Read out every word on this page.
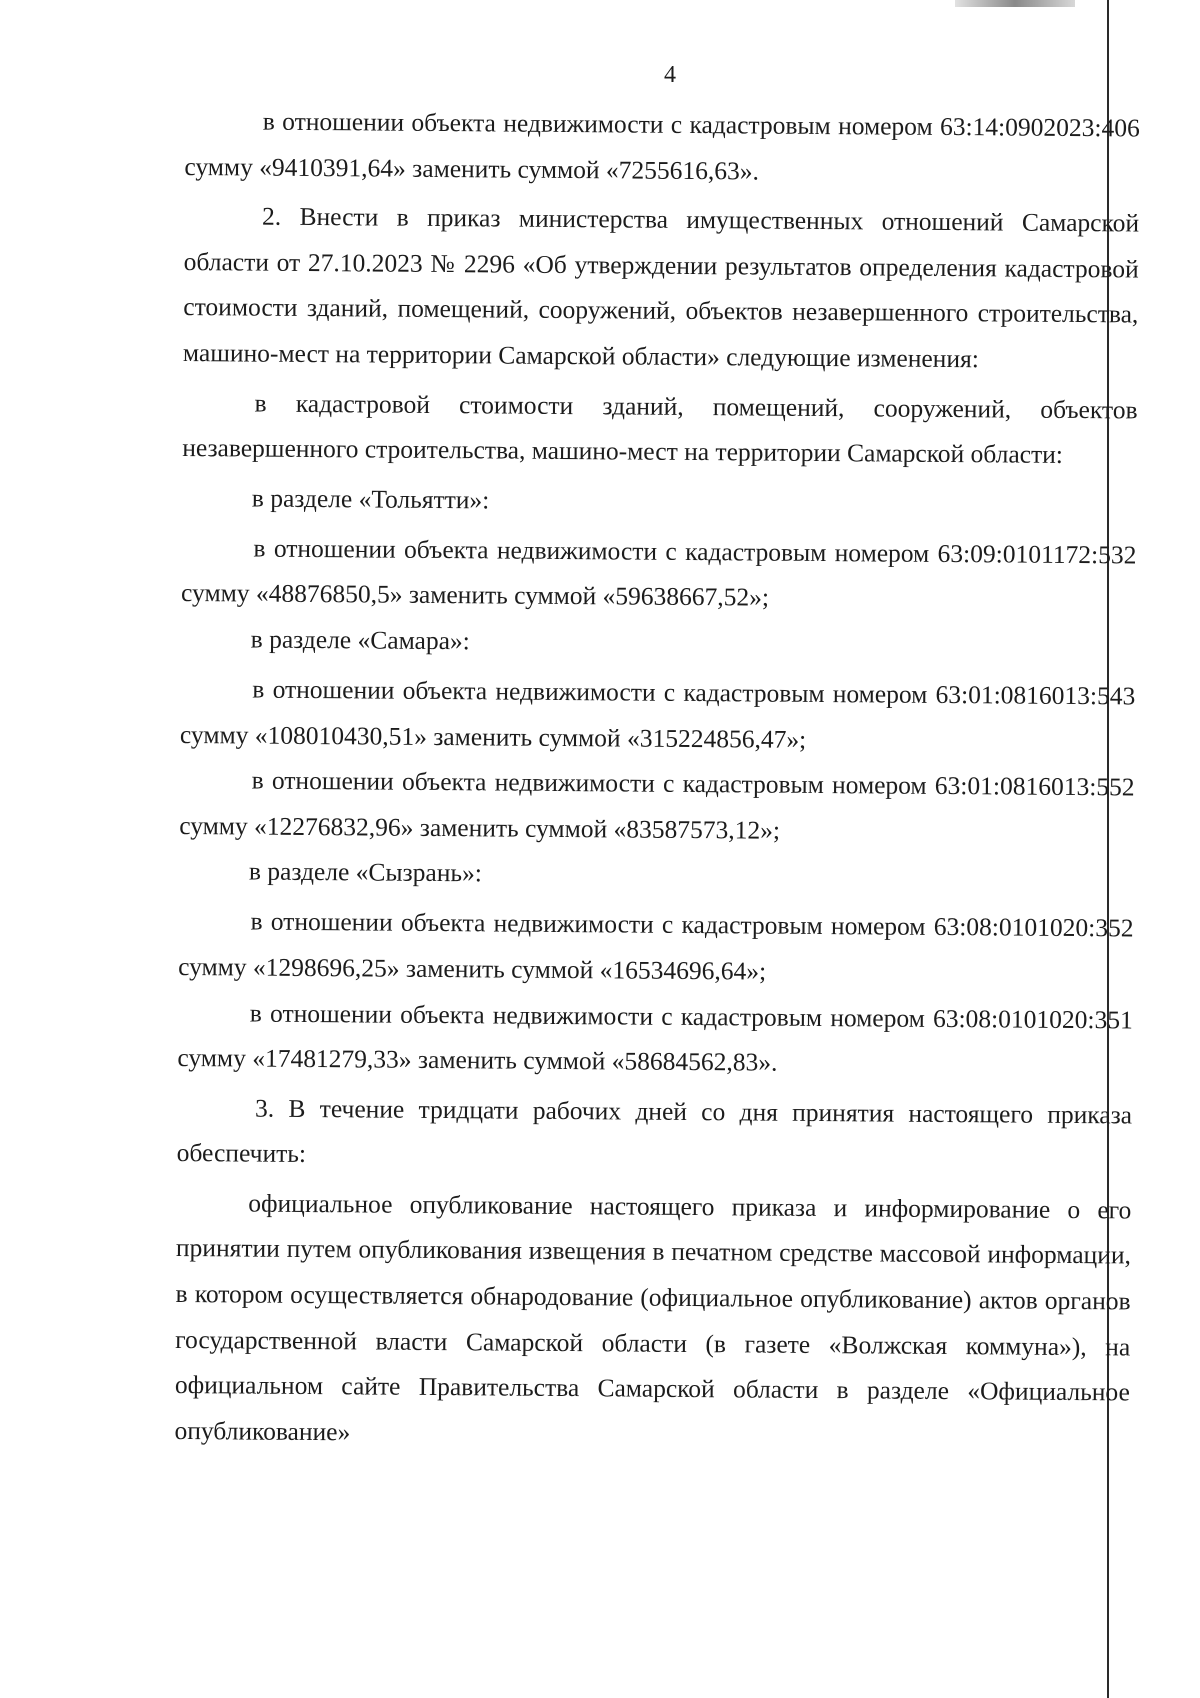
4

в отношении объекта недвижимости с кадастровым номером 63:14:0902023:406 сумму «9410391,64» заменить суммой «7255616,63».

2. Внести в приказ министерства имущественных отношений Самарской области от 27.10.2023 № 2296 «Об утверждении результатов определения кадастровой стоимости зданий, помещений, сооружений, объектов незавершенного строительства, машино-мест на территории Самарской области» следующие изменения:

в кадастровой стоимости зданий, помещений, сооружений, объектов незавершенного строительства, машино-мест на территории Самарской области:

в разделе «Тольятти»:

в отношении объекта недвижимости с кадастровым номером 63:09:0101172:532 сумму «48876850,5» заменить суммой «59638667,52»;

в разделе «Самара»:

в отношении объекта недвижимости с кадастровым номером 63:01:0816013:543 сумму «108010430,51» заменить суммой «315224856,47»;

в отношении объекта недвижимости с кадастровым номером 63:01:0816013:552 сумму «12276832,96» заменить суммой «83587573,12»;

в разделе «Сызрань»:

в отношении объекта недвижимости с кадастровым номером 63:08:0101020:352 сумму «1298696,25» заменить суммой «16534696,64»;

в отношении объекта недвижимости с кадастровым номером 63:08:0101020:351 сумму «17481279,33» заменить суммой «58684562,83».

3. В течение тридцати рабочих дней со дня принятия настоящего приказа обеспечить:

официальное опубликование настоящего приказа и информирование о его принятии путем опубликования извещения в печатном средстве массовой информации, в котором осуществляется обнародование (официальное опубликование) актов органов государственной власти Самарской области (в газете «Волжская коммуна»), на официальном сайте Правительства Самарской области в разделе «Официальное опубликование»
